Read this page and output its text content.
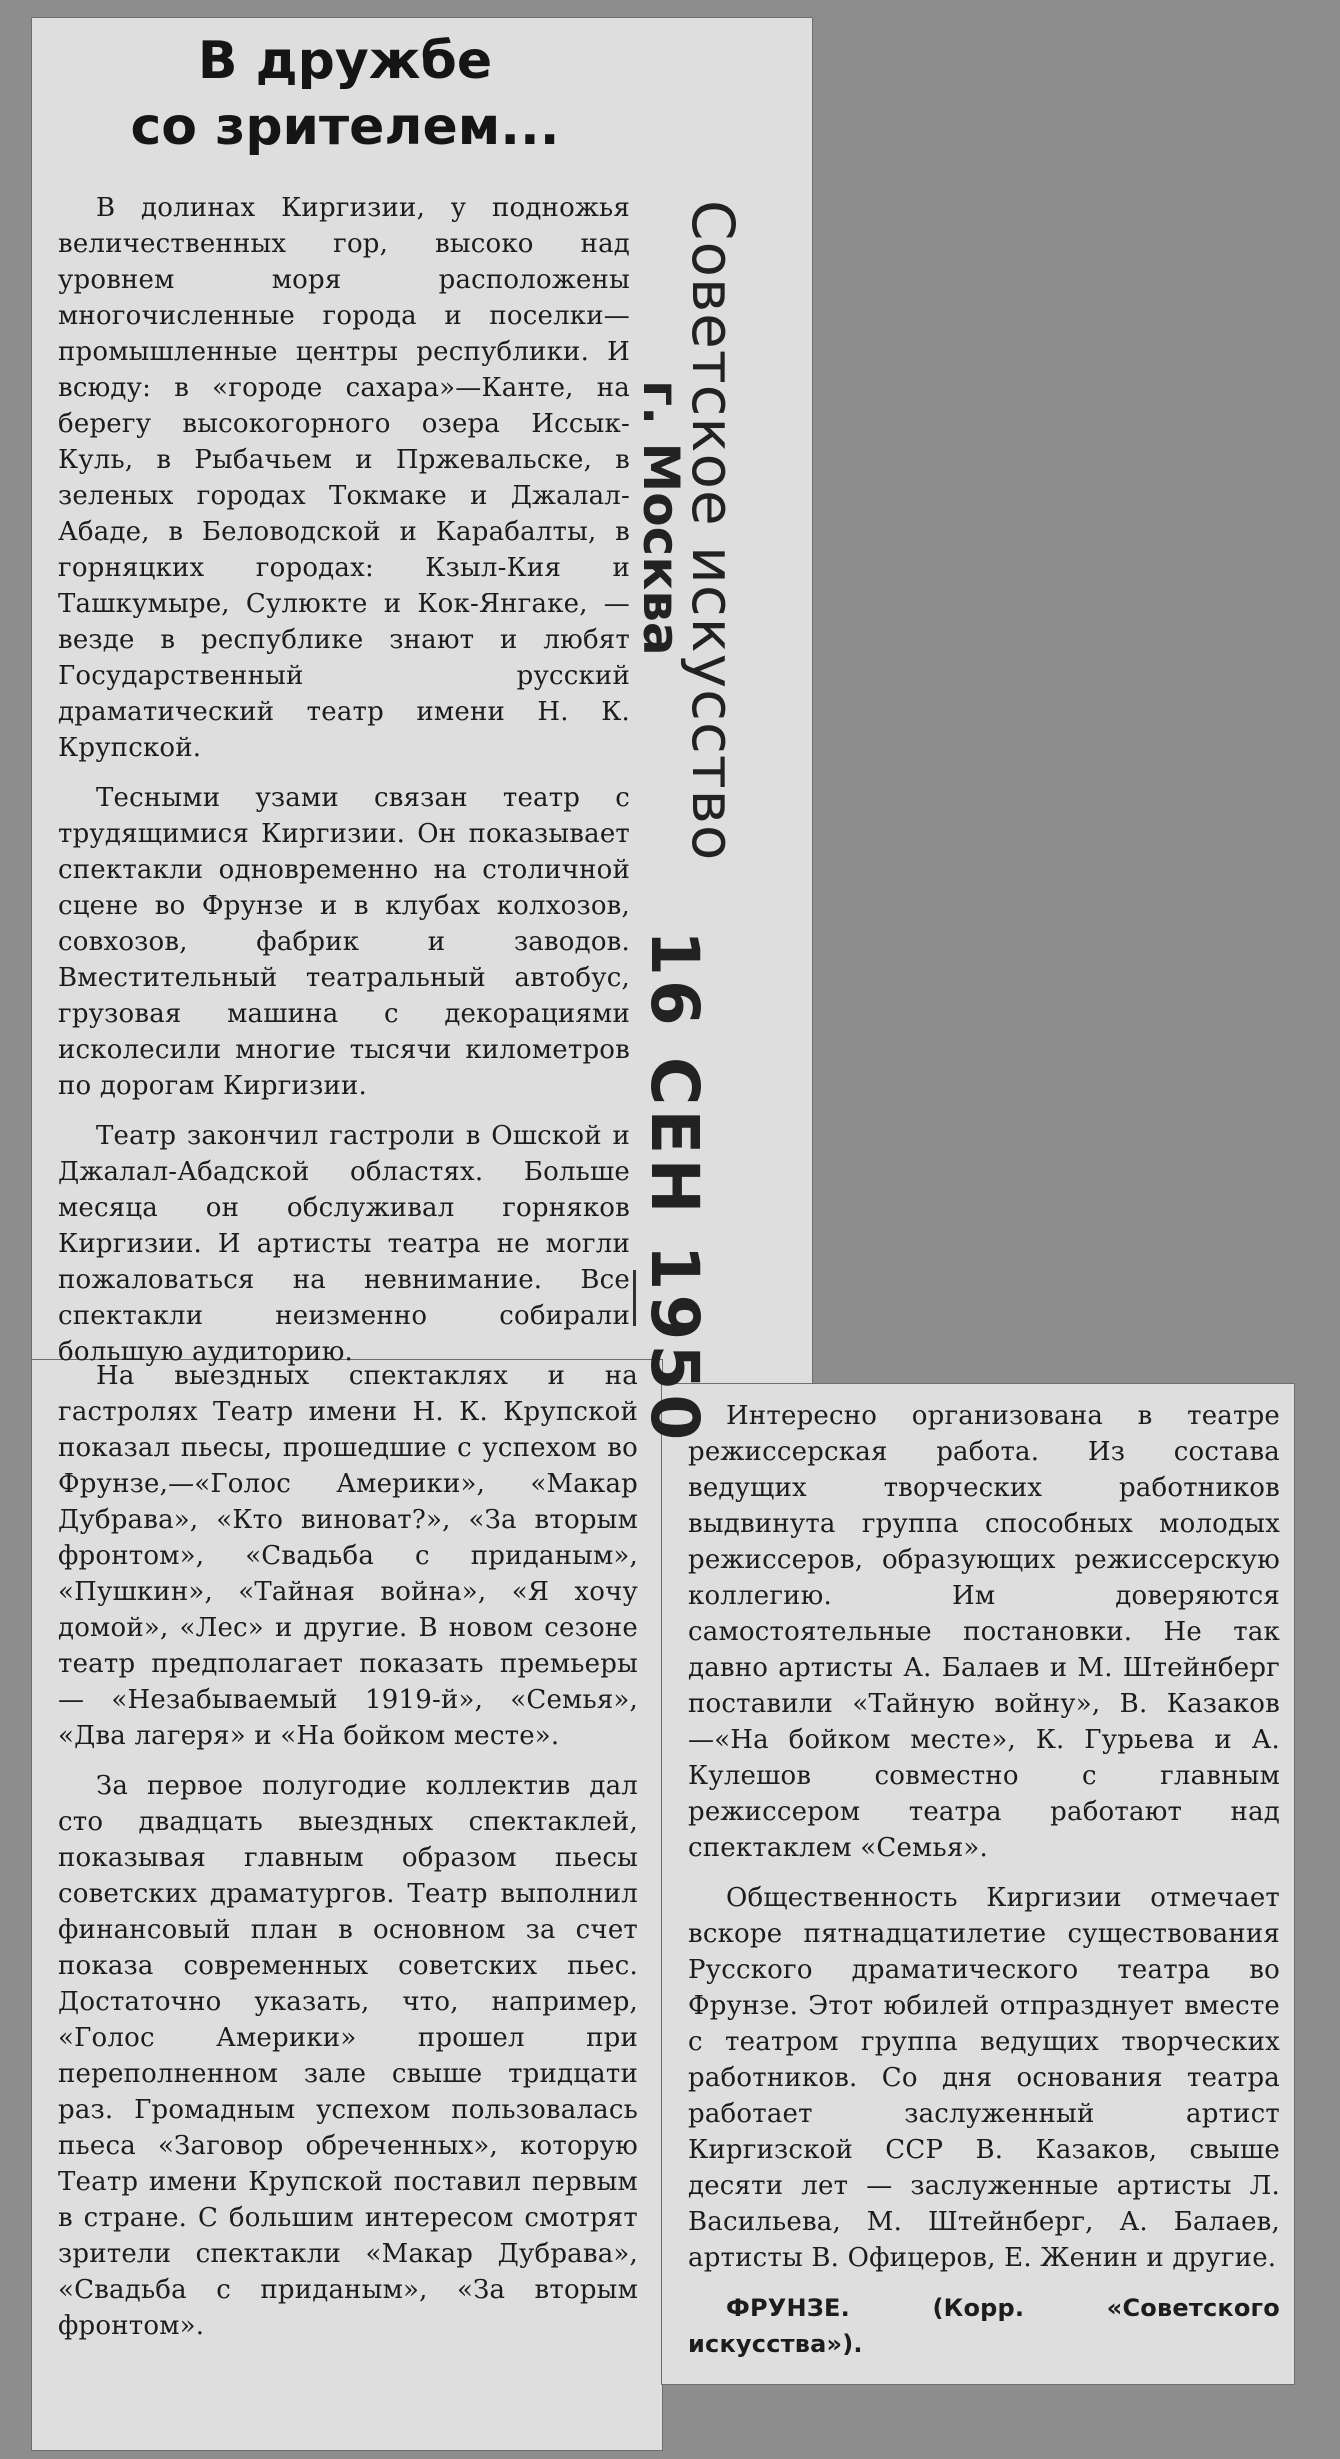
В дружбе
со зрителем...

В долинах Киргизии, у подножья величественных гор, высоко над уровнем моря расположены многочисленные города и поселки—промышленные центры республики. И всюду: в «городе сахара»—Канте, на берегу высокогорного озера Иссык-Куль, в Рыбачьем и Пржевальске, в зеленых городах Токмаке и Джалал-Абаде, в Беловодской и Карабалты, в горняцких городах: Кзыл-Кия и Ташкумыре, Сулюкте и Кок-Янгаке, — везде в республике знают и любят Государственный русский драматический театр имени Н. К. Крупской.

Тесными узами связан театр с трудящимися Киргизии. Он показывает спектакли одновременно на столичной сцене во Фрунзе и в клубах колхозов, совхозов, фабрик и заводов. Вместительный театральный автобус, грузовая машина с декорациями исколесили многие тысячи километров по дорогам Киргизии.

Театр закончил гастроли в Ошской и Джалал-Абадской областях. Больше месяца он обслуживал горняков Киргизии. И артисты театра не могли пожаловаться на невнимание. Все спектакли неизменно собирали большую аудиторию.

Советское искусство
г. Москва
16 СЕН 1950

На выездных спектаклях и на гастролях Театр имени Н. К. Крупской показал пьесы, прошедшие с успехом во Фрунзе,—«Голос Америки», «Макар Дубрава», «Кто виноват?», «За вторым фронтом», «Свадьба с приданым», «Пушкин», «Тайная война», «Я хочу домой», «Лес» и другие. В новом сезоне театр предполагает показать премьеры — «Незабываемый 1919-й», «Семья», «Два лагеря» и «На бойком месте».

За первое полугодие коллектив дал сто двадцать выездных спектаклей, показывая главным образом пьесы советских драматургов. Театр выполнил финансовый план в основном за счет показа современных советских пьес. Достаточно указать, что, например, «Голос Америки» прошел при переполненном зале свыше тридцати раз. Громадным успехом пользовалась пьеса «Заговор обреченных», которую Театр имени Крупской поставил первым в стране. С большим интересом смотрят зрители спектакли «Макар Дубрава», «Свадьба с приданым», «За вторым фронтом».

Интересно организована в театре режиссерская работа. Из состава ведущих творческих работников выдвинута группа способных молодых режиссеров, образующих режиссерскую коллегию. Им доверяются самостоятельные постановки. Не так давно артисты А. Балаев и М. Штейнберг поставили «Тайную войну», В. Казаков—«На бойком месте», К. Гурьева и А. Кулешов совместно с главным режиссером театра работают над спектаклем «Семья».

Общественность Киргизии отмечает вскоре пятнадцатилетие существования Русского драматического театра во Фрунзе. Этот юбилей отпразднует вместе с театром группа ведущих творческих работников. Со дня основания театра работает заслуженный артист Киргизской ССР В. Казаков, свыше десяти лет — заслуженные артисты Л. Васильева, М. Штейнберг, А. Балаев, артисты В. Офицеров, Е. Женин и другие.

ФРУНЗЕ. (Корр. «Советского искусства»).
